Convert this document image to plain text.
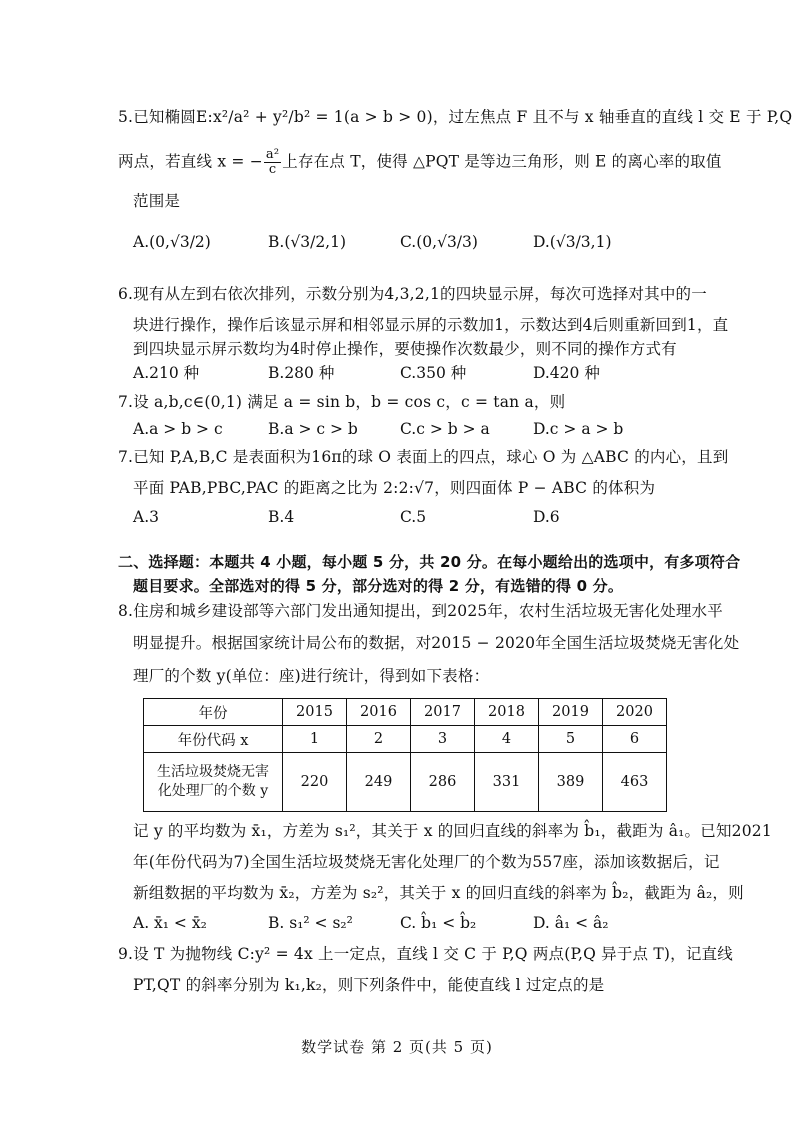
5.已知椭圆E:x²/a² + y²/b² = 1(a > b > 0)，过左焦点 F 且不与 x 轴垂直的直线 l 交 E 于 P,Q
两点，若直线 x = − $\frac{\text{a²}}{c}$ 上存在点 T，使得 △PQT 是等边三角形，则 E 的离心率的取值
范围是
A.(0,√3/2)	B.(√3/2,1)	C.(0,√3/3)	D.(√3/3,1)
6.现有从左到右依次排列，示数分别为4,3,2,1的四块显示屏，每次可选择对其中的一
块进行操作，操作后该显示屏和相邻显示屏的示数加1，示数达到4后则重新回到1，直
到四块显示屏示数均为4时停止操作，要使操作次数最少，则不同的操作方式有
A.210 种	B.280 种	C.350 种	D.420 种
7.设 a,b,c∈(0,1) 满足 a = sin b，b = cos c，c = tan a，则
A.a > b > c	B.a > c > b	C.c > b > a	D.c > a > b
7.已知 P,A,B,C 是表面积为16π的球 O 表面上的四点，球心 O 为 △ABC 的内心，且到
平面 PAB,PBC,PAC 的距离之比为 2:2:√7，则四面体 P − ABC 的体积为
A.3	B.4	C.5	D.6
二、选择题：本题共 4 小题，每小题 5 分，共 20 分。在每小题给出的选项中，有多项符合
题目要求。全部选对的得 5 分，部分选对的得 2 分，有选错的得 0 分。
8.住房和城乡建设部等六部门发出通知提出，到2025年，农村生活垃圾无害化处理水平
明显提升。根据国家统计局公布的数据，对2015 − 2020年全国生活垃圾焚烧无害化处
理厂的个数 y(单位：座)进行统计，得到如下表格：
年份	2015	2016	2017	2018	2019	2020
年份代码 x	1	2	3	4	5	6

生活垃圾焚烧无害
化处理厂的个数 y	220	249	286	331	389	463
记 y 的平均数为 x̄₁，方差为 s₁²，其关于 x 的回归直线的斜率为 b̂₁，截距为 â₁。已知2021
年(年份代码为7)全国生活垃圾焚烧无害化处理厂的个数为557座，添加该数据后，记
新组数据的平均数为 x̄₂，方差为 s₂²，其关于 x 的回归直线的斜率为 b̂₂，截距为 â₂，则
A. x̄₁ < x̄₂	B. s₁² < s₂²	C. b̂₁ < b̂₂	D. â₁ < â₂
9.设 T 为抛物线 C:y² = 4x 上一定点，直线 l 交 C 于 P,Q 两点(P,Q 异于点 T)，记直线
PT,QT 的斜率分别为 k₁,k₂，则下列条件中，能使直线 l 过定点的是
数学试卷 第 2 页(共 5 页)
